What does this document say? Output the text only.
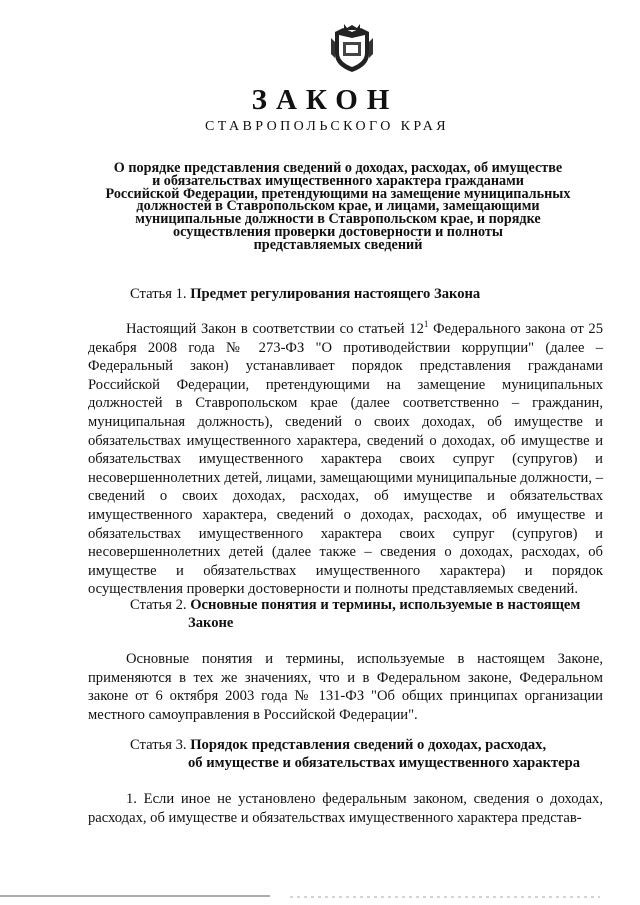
ЗАКОН
СТАВРОПОЛЬСКОГО КРАЯ
О порядке представления сведений о доходах, расходах, об имуществе
и обязательствах имущественного характера гражданами
Российской Федерации, претендующими на замещение муниципальных
должностей в Ставропольском крае, и лицами, замещающими
муниципальные должности в Ставропольском крае, и порядке
осуществления проверки достоверности и полноты
представляемых сведений
Статья 1. Предмет регулирования настоящего Закона
Настоящий Закон в соответствии со статьей $12^1$ Федерального закона от 25 декабря 2008 года № 273-ФЗ "О противодействии коррупции" (далее – Федеральный закон) устанавливает порядок представления гражданами Российской Федерации, претендующими на замещение муниципальных должностей в Ставропольском крае (далее соответственно – гражданин, муниципальная должность), сведений о своих доходах, об имуществе и обязательствах имущественного характера, сведений о доходах, об имуществе и обязательствах имущественного характера своих супруг (супругов) и несовершеннолетних детей, лицами, замещающими муниципальные должности, – сведений о своих доходах, расходах, об имуществе и обязательствах имущественного характера, сведений о доходах, расходах, об имуществе и обязательствах имущественного характера своих супруг (супругов) и несовершеннолетних детей (далее также – сведения о доходах, расходах, об имуществе и обязательствах имущественного характера) и порядок осуществления проверки достоверности и полноты представляемых сведений.
Статья 2. Основные понятия и термины, используемые в настоящем
Законе
Основные понятия и термины, используемые в настоящем Законе, применяются в тех же значениях, что и в Федеральном законе, Федеральном законе от 6 октября 2003 года № 131-ФЗ "Об общих принципах организации местного самоуправления в Российской Федерации".
Статья 3. Порядок представления сведений о доходах, расходах,
об имуществе и обязательствах имущественного характера
1. Если иное не установлено федеральным законом, сведения о доходах, расходах, об имуществе и обязательствах имущественного характера представ-
